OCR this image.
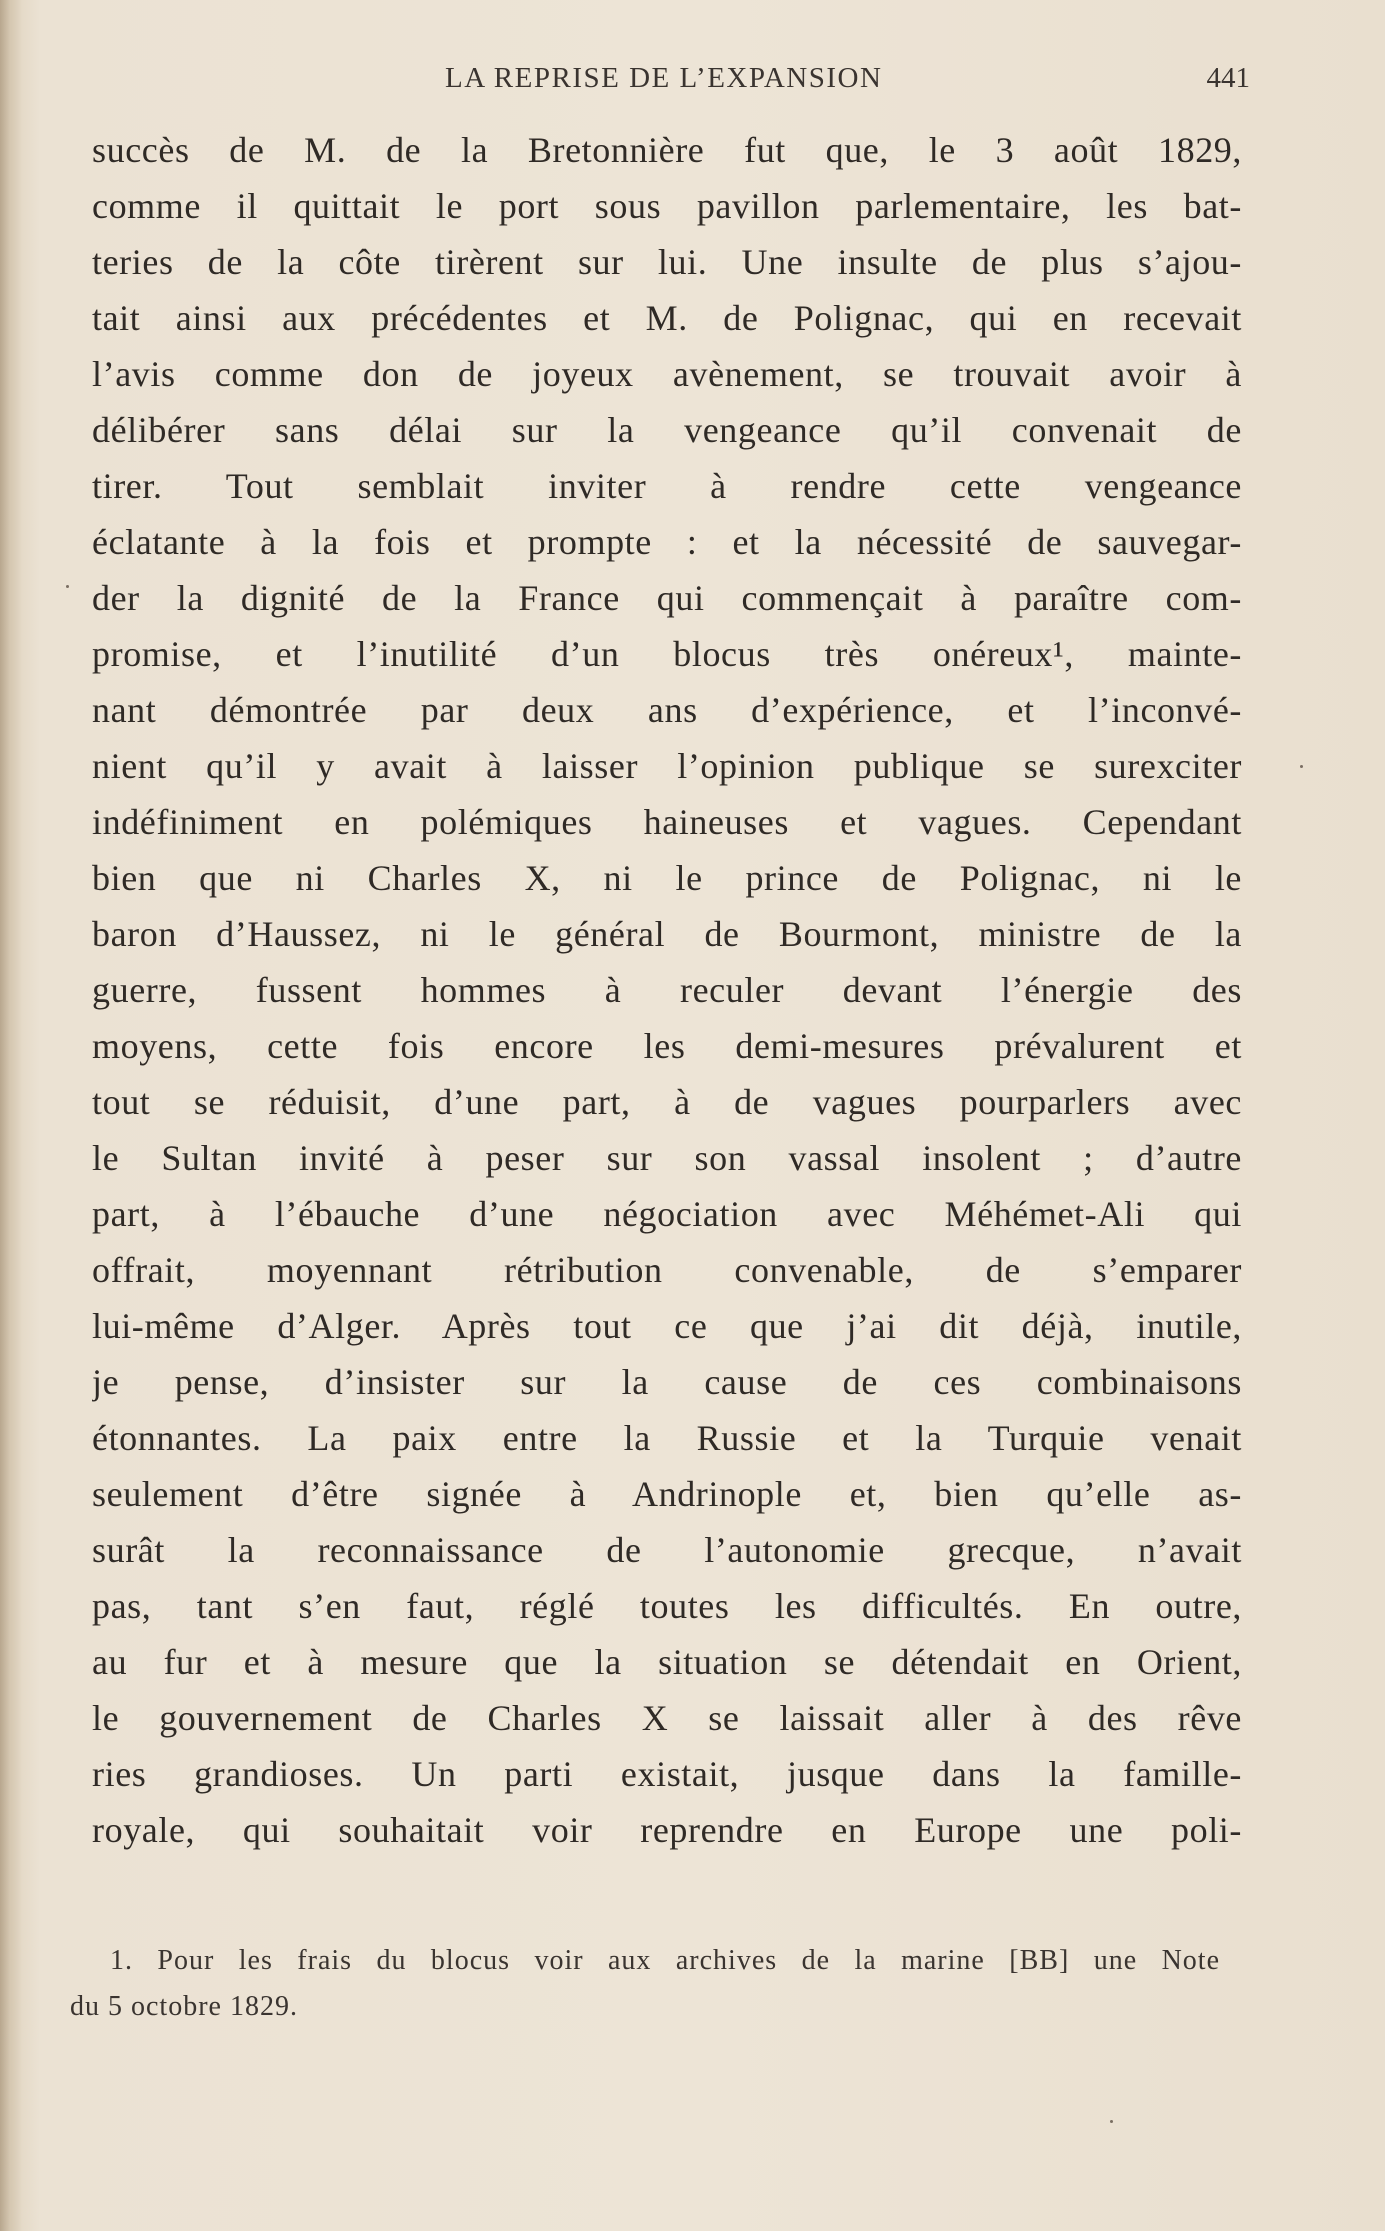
LA REPRISE DE L’EXPANSION	441
succès de M. de la Bretonnière fut que, le 3 août 1829,
comme il quittait le port sous pavillon parlementaire, les bat-
teries de la côte tirèrent sur lui. Une insulte de plus s’ajou-
tait ainsi aux précédentes et M. de Polignac, qui en recevait
l’avis comme don de joyeux avènement, se trouvait avoir à
délibérer sans délai sur la vengeance qu’il convenait de
tirer. Tout semblait inviter à rendre cette vengeance
éclatante à la fois et prompte : et la nécessité de sauvegar-
der la dignité de la France qui commençait à paraître com-
promise, et l’inutilité d’un blocus très onéreux¹, mainte-
nant démontrée par deux ans d’expérience, et l’inconvé-
nient qu’il y avait à laisser l’opinion publique se surexciter
indéfiniment en polémiques haineuses et vagues. Cependant
bien que ni Charles X, ni le prince de Polignac, ni le
baron d’Haussez, ni le général de Bourmont, ministre de la
guerre, fussent hommes à reculer devant l’énergie des
moyens, cette fois encore les demi-mesures prévalurent et
tout se réduisit, d’une part, à de vagues pourparlers avec
le Sultan invité à peser sur son vassal insolent ; d’autre
part, à l’ébauche d’une négociation avec Méhémet-Ali qui
offrait, moyennant rétribution convenable, de s’emparer
lui-même d’Alger. Après tout ce que j’ai dit déjà, inutile,
je pense, d’insister sur la cause de ces combinaisons
étonnantes. La paix entre la Russie et la Turquie venait
seulement d’être signée à Andrinople et, bien qu’elle as-
surât la reconnaissance de l’autonomie grecque, n’avait
pas, tant s’en faut, réglé toutes les difficultés. En outre,
au fur et à mesure que la situation se détendait en Orient,
le gouvernement de Charles X se laissait aller à des rêve
ries grandioses. Un parti existait, jusque dans la famille-
royale, qui souhaitait voir reprendre en Europe une poli-
1. Pour les frais du blocus voir aux archives de la marine [BB] une Note
du 5 octobre 1829.
